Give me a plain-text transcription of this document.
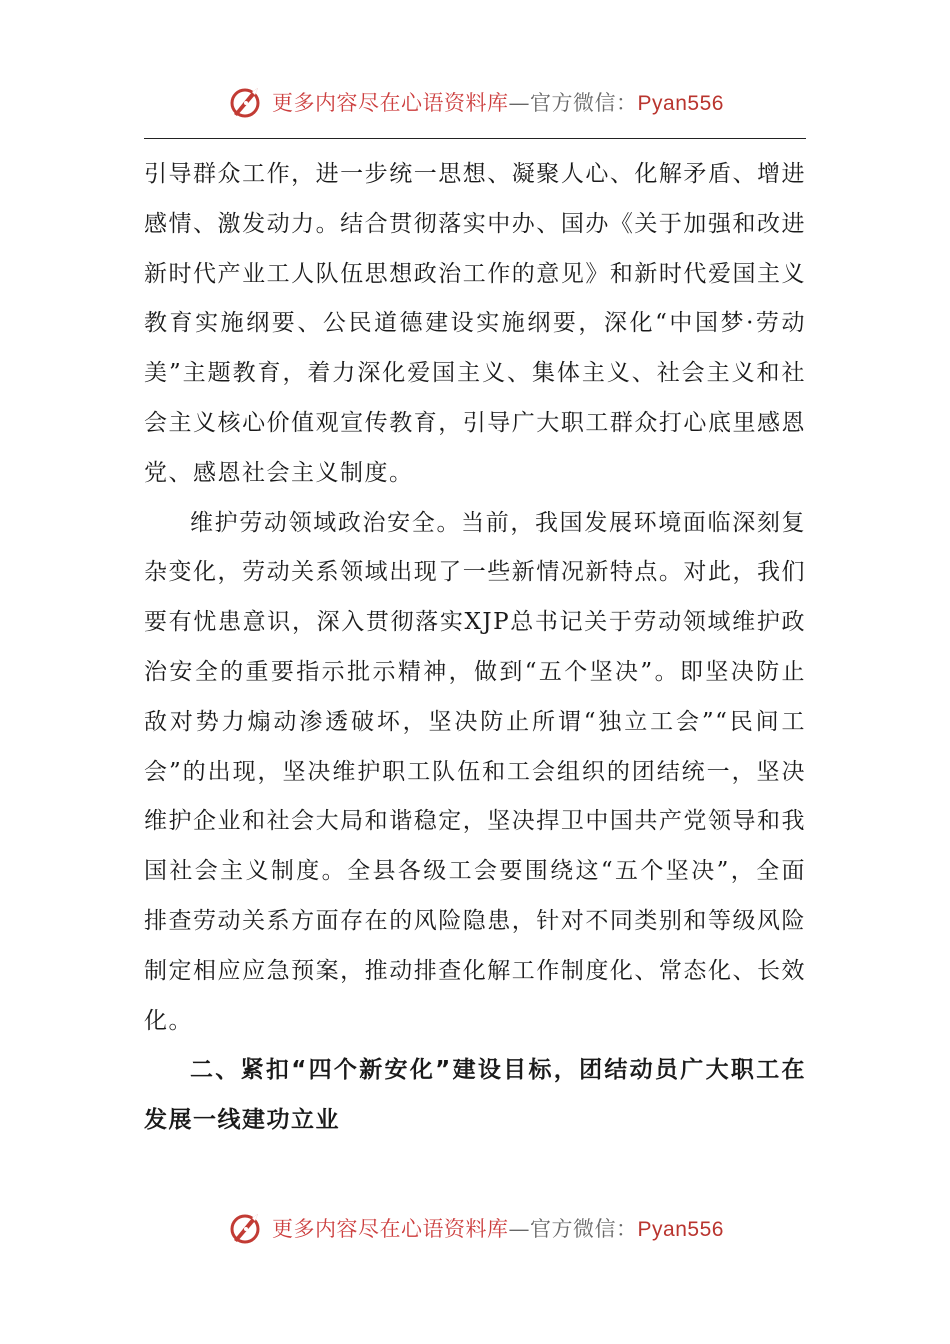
更多内容尽在心语资料库—官方微信：Pyan556

引导群众工作，进一步统一思想、凝聚人心、化解矛盾、增进感情、激发动力。结合贯彻落实中办、国办《关于加强和改进新时代产业工人队伍思想政治工作的意见》和新时代爱国主义教育实施纲要、公民道德建设实施纲要，深化“中国梦·劳动美”主题教育，着力深化爱国主义、集体主义、社会主义和社会主义核心价值观宣传教育，引导广大职工群众打心底里感恩党、感恩社会主义制度。

维护劳动领域政治安全。当前，我国发展环境面临深刻复杂变化，劳动关系领域出现了一些新情况新特点。对此，我们要有忧患意识，深入贯彻落实XJP总书记关于劳动领域维护政治安全的重要指示批示精神，做到“五个坚决”。即坚决防止敌对势力煽动渗透破坏，坚决防止所谓“独立工会”“民间工会”的出现，坚决维护职工队伍和工会组织的团结统一，坚决维护企业和社会大局和谐稳定，坚决捍卫中国共产党领导和我国社会主义制度。全县各级工会要围绕这“五个坚决”，全面排查劳动关系方面存在的风险隐患，针对不同类别和等级风险制定相应应急预案，推动排查化解工作制度化、常态化、长效化。

二、紧扣“四个新安化”建设目标，团结动员广大职工在发展一线建功立业

更多内容尽在心语资料库—官方微信：Pyan556
